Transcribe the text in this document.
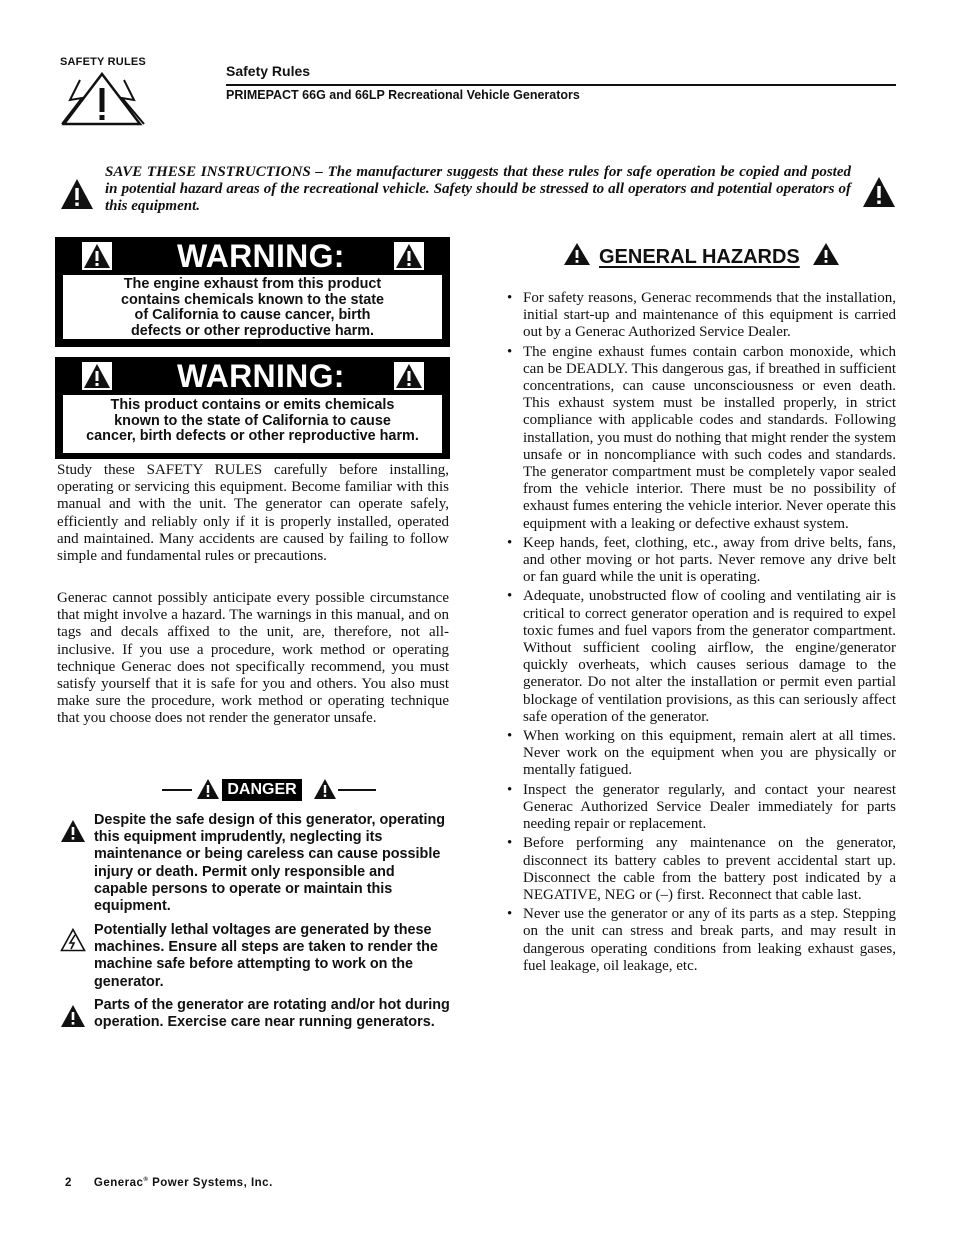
SAFETY RULES
Safety Rules
PRIMEPACT 66G and 66LP Recreational Vehicle Generators
SAVE THESE INSTRUCTIONS – The manufacturer suggests that these rules for safe operation be copied and posted in potential hazard areas of the recreational vehicle. Safety should be stressed to all operators and potential operators of this equipment.
WARNING:
The engine exhaust from this product
contains chemicals known to the state
of California to cause cancer, birth
defects or other reproductive harm.
WARNING:
This product contains or emits chemicals
known to the state of California to cause
cancer, birth defects or other reproductive harm.

Study these SAFETY RULES carefully before installing, operating or servicing this equipment. Become familiar with this manual and with the unit. The generator can operate safely, efficiently and reliably only if it is properly installed, operated and maintained. Many accidents are caused by failing to follow simple and fundamental rules or precautions.

Generac cannot possibly anticipate every possible circumstance that might involve a hazard. The warnings in this manual, and on tags and decals affixed to the unit, are, therefore, not all-inclusive. If you use a procedure, work method or operating technique Generac does not specifically recommend, you must satisfy yourself that it is safe for you and others. You also must make sure the procedure, work method or operating technique that you choose does not render the generator unsafe.

DANGER
Despite the safe design of this generator, operating this equipment imprudently, neglecting its maintenance or being careless can cause possible injury or death. Permit only responsible and capable persons to operate or maintain this equipment.
Potentially lethal voltages are generated by these machines. Ensure all steps are taken to render the machine safe before attempting to work on the generator.
Parts of the generator are rotating and/or hot during operation. Exercise care near running generators.
GENERAL HAZARDS
• For safety reasons, Generac recommends that the installation, initial start-up and maintenance of this equipment is carried out by a Generac Authorized Service Dealer.
• The engine exhaust fumes contain carbon monoxide, which can be DEADLY. This dangerous gas, if breathed in sufficient concentrations, can cause unconsciousness or even death. This exhaust system must be installed properly, in strict compliance with applicable codes and standards. Following installation, you must do nothing that might render the system unsafe or in noncompliance with such codes and standards. The generator compartment must be completely vapor sealed from the vehicle interior. There must be no possibility of exhaust fumes entering the vehicle interior. Never operate this equipment with a leaking or defective exhaust system.
• Keep hands, feet, clothing, etc., away from drive belts, fans, and other moving or hot parts. Never remove any drive belt or fan guard while the unit is operating.
• Adequate, unobstructed flow of cooling and ventilating air is critical to correct generator operation and is required to expel toxic fumes and fuel vapors from the generator compartment. Without sufficient cooling airflow, the engine/generator quickly overheats, which causes serious damage to the generator. Do not alter the installation or permit even partial blockage of ventilation provisions, as this can seriously affect safe operation of the generator.
• When working on this equipment, remain alert at all times. Never work on the equipment when you are physically or mentally fatigued.
• Inspect the generator regularly, and contact your nearest Generac Authorized Service Dealer immediately for parts needing repair or replacement.
• Before performing any maintenance on the generator, disconnect its battery cables to prevent accidental start up. Disconnect the cable from the battery post indicated by a NEGATIVE, NEG or (–) first. Reconnect that cable last.
• Never use the generator or any of its parts as a step. Stepping on the unit can stress and break parts, and may result in dangerous operating conditions from leaking exhaust gases, fuel leakage, oil leakage, etc.
2 Generac® Power Systems, Inc.
